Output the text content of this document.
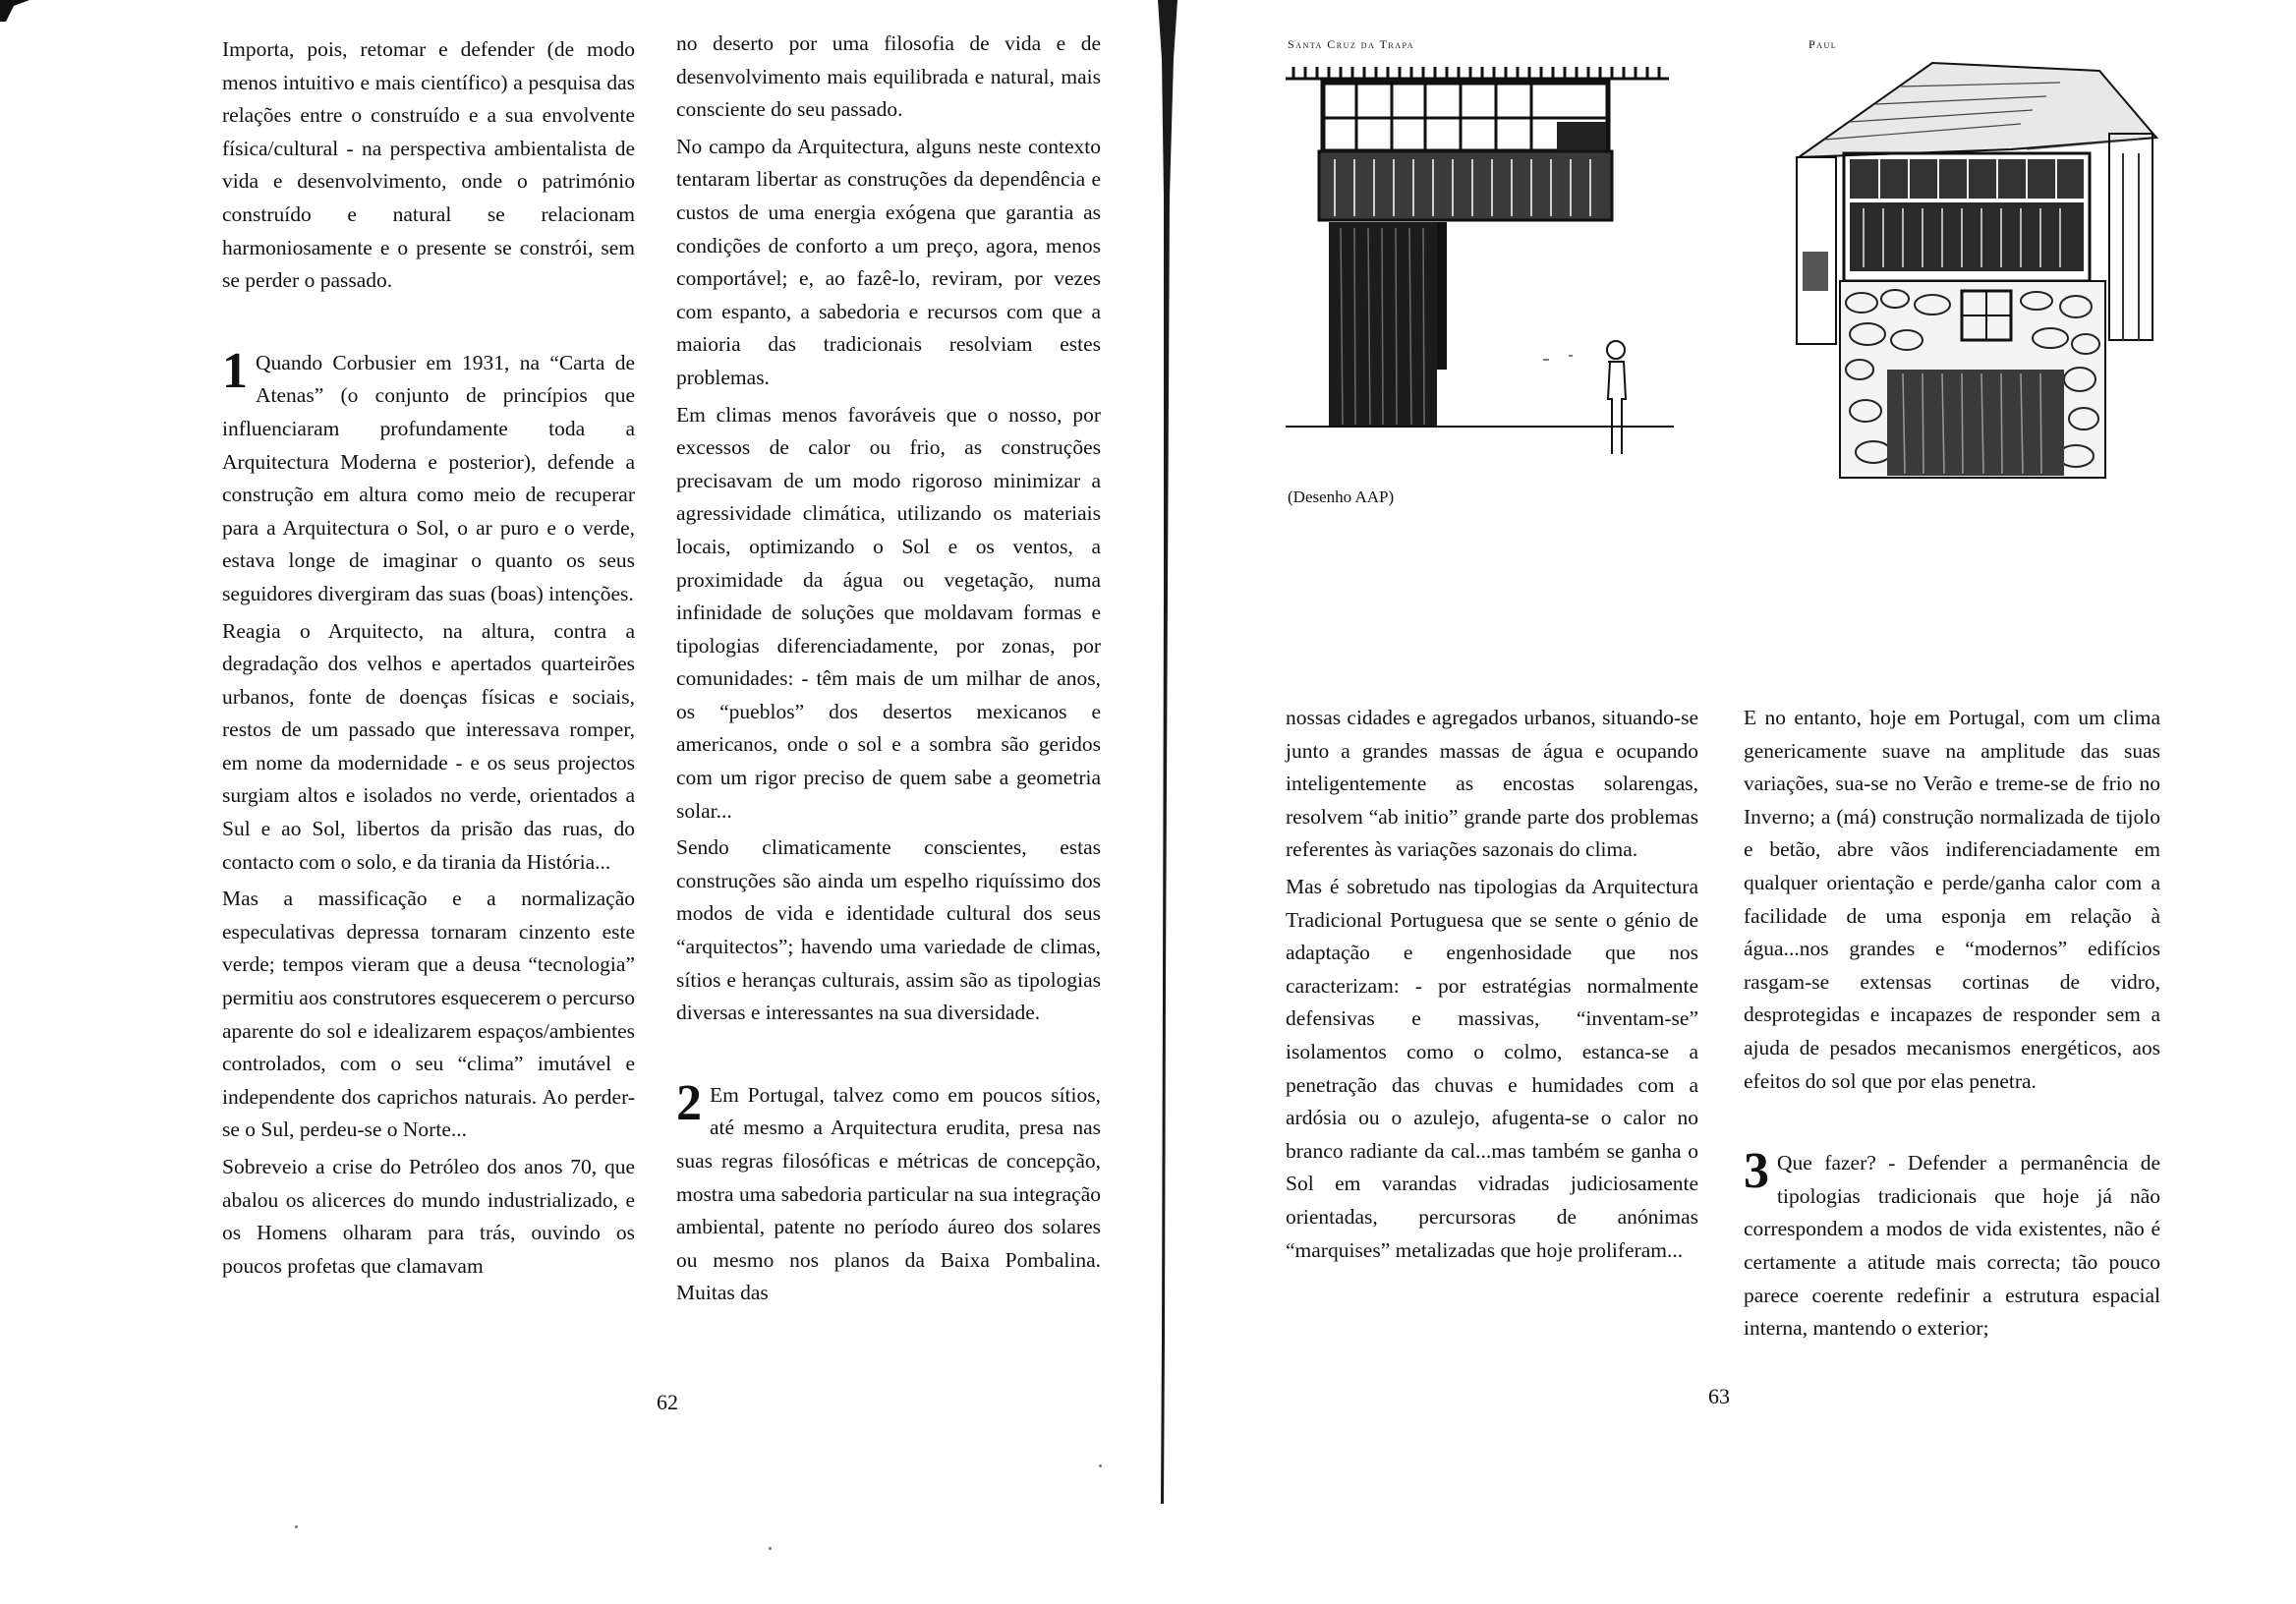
Importa, pois, retomar e defender (de modo menos intuitivo e mais científico) a pesquisa das relações entre o construído e a sua envolvente física/cultural - na perspectiva ambientalista de vida e desenvolvimento, onde o património construído e natural se relacionam harmoniosamente e o presente se constrói, sem se perder o passado.

1 Quando Corbusier em 1931, na “Carta de Atenas” (o conjunto de princípios que influenciaram profundamente toda a Arquitectura Moderna e posterior), defende a construção em altura como meio de recuperar para a Arquitectura o Sol, o ar puro e o verde, estava longe de imaginar o quanto os seus seguidores divergiram das suas (boas) intenções.

Reagia o Arquitecto, na altura, contra a degradação dos velhos e apertados quarteirões urbanos, fonte de doenças físicas e sociais, restos de um passado que interessava romper, em nome da modernidade - e os seus projectos surgiam altos e isolados no verde, orientados a Sul e ao Sol, libertos da prisão das ruas, do contacto com o solo, e da tirania da História...

Mas a massificação e a normalização especulativas depressa tornaram cinzento este verde; tempos vieram que a deusa “tecnologia” permitiu aos construtores esquecerem o percurso aparente do sol e idealizarem espaços/ambientes controlados, com o seu “clima” imutável e independente dos caprichos naturais. Ao perder-se o Sul, perdeu-se o Norte...

Sobreveio a crise do Petróleo dos anos 70, que abalou os alicerces do mundo industrializado, e os Homens olharam para trás, ouvindo os poucos profetas que clamavam

no deserto por uma filosofia de vida e de desenvolvimento mais equilibrada e natural, mais consciente do seu passado.

No campo da Arquitectura, alguns neste contexto tentaram libertar as construções da dependência e custos de uma energia exógena que garantia as condições de conforto a um preço, agora, menos comportável; e, ao fazê-lo, reviram, por vezes com espanto, a sabedoria e recursos com que a maioria das tradicionais resolviam estes problemas.

Em climas menos favoráveis que o nosso, por excessos de calor ou frio, as construções precisavam de um modo rigoroso minimizar a agressividade climática, utilizando os materiais locais, optimizando o Sol e os ventos, a proximidade da água ou vegetação, numa infinidade de soluções que moldavam formas e tipologias diferenciadamente, por zonas, por comunidades: - têm mais de um milhar de anos, os “pueblos” dos desertos mexicanos e americanos, onde o sol e a sombra são geridos com um rigor preciso de quem sabe a geometria solar...

Sendo climaticamente conscientes, estas construções são ainda um espelho riquíssimo dos modos de vida e identidade cultural dos seus “arquitectos”; havendo uma variedade de climas, sítios e heranças culturais, assim são as tipologias diversas e interessantes na sua diversidade.

2 Em Portugal, talvez como em poucos sítios, até mesmo a Arquitectura erudita, presa nas suas regras filosóficas e métricas de concepção, mostra uma sabedoria particular na sua integração ambiental, patente no período áureo dos solares ou mesmo nos planos da Baixa Pombalina. Muitas das

62
Santa Cruz da Trapa	Paul
(Desenho AAP)

nossas cidades e agregados urbanos, situando-se junto a grandes massas de água e ocupando inteligentemente as encostas solarengas, resolvem “ab initio” grande parte dos problemas referentes às variações sazonais do clima.

Mas é sobretudo nas tipologias da Arquitectura Tradicional Portuguesa que se sente o génio de adaptação e engenhosidade que nos caracterizam: - por estratégias normalmente defensivas e massivas, “inventam-se” isolamentos como o colmo, estanca-se a penetração das chuvas e humidades com a ardósia ou o azulejo, afugenta-se o calor no branco radiante da cal...mas também se ganha o Sol em varandas vidradas judiciosamente orientadas, percursoras de anónimas “marquises” metalizadas que hoje proliferam...

E no entanto, hoje em Portugal, com um clima genericamente suave na amplitude das suas variações, sua-se no Verão e treme-se de frio no Inverno; a (má) construção normalizada de tijolo e betão, abre vãos indiferenciadamente em qualquer orientação e perde/ganha calor com a facilidade de uma esponja em relação à água...nos grandes e “modernos” edifícios rasgam-se extensas cortinas de vidro, desprotegidas e incapazes de responder sem a ajuda de pesados mecanismos energéticos, aos efeitos do sol que por elas penetra.

3 Que fazer? - Defender a permanência de tipologias tradicionais que hoje já não correspondem a modos de vida existentes, não é certamente a atitude mais correcta; tão pouco parece coerente redefinir a estrutura espacial interna, mantendo o exterior;

63
